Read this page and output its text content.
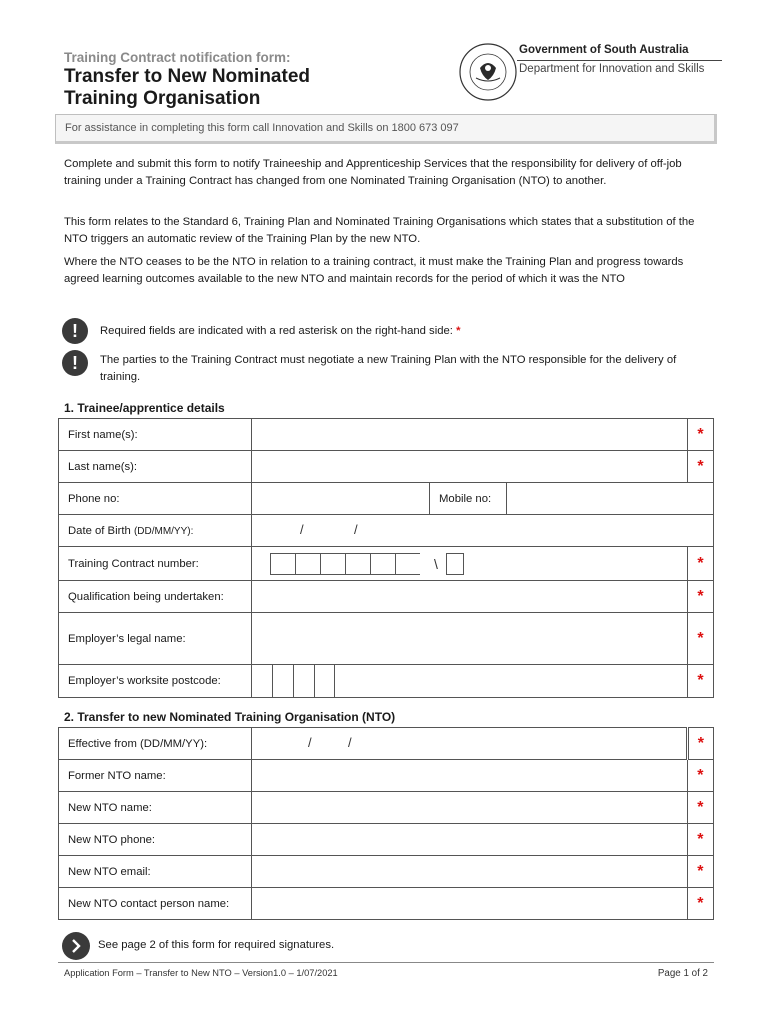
Training Contract notification form:
Transfer to New Nominated
Training Organisation
Government of South Australia
Department for Innovation and Skills
For assistance in completing this form call Innovation and Skills on 1800 673 097

Complete and submit this form to notify Traineeship and Apprenticeship Services that the responsibility for delivery of off-job training under a Training Contract has changed from one Nominated Training Organisation (NTO) to another.

This form relates to the Standard 6, Training Plan and Nominated Training Organisations which states that a substitution of the NTO triggers an automatic review of the Training Plan by the new NTO.

Where the NTO ceases to be the NTO in relation to a training contract, it must make the Training Plan and progress towards agreed learning outcomes available to the new NTO and maintain records for the period of which it was the NTO

!	Required fields are indicated with a red asterisk on the right-hand side: *
!	The parties to the Training Contract must negotiate a new Training Plan with the NTO responsible for the delivery of training.
1. Trainee/apprentice details
First name(s):				*
Last name(s):				*
Phone no:		Mobile no:		
Date of Birth (DD/MM/YY):	/ /			

Training Contract number:	\			*
Qualification being undertaken:				*
Employer’s legal name:				*
Employer’s worksite postcode:				*
2. Transfer to new Nominated Training Organisation (NTO)
Effective from (DD/MM/YY):	/ /	*
Former NTO name:		*
New NTO name:		*
New NTO phone:		*
New NTO email:		*
New NTO contact person name:		*
See page 2 of this form for required signatures.
Application Form – Transfer to New NTO – Version1.0 – 1/07/2021	Page 1 of 2
